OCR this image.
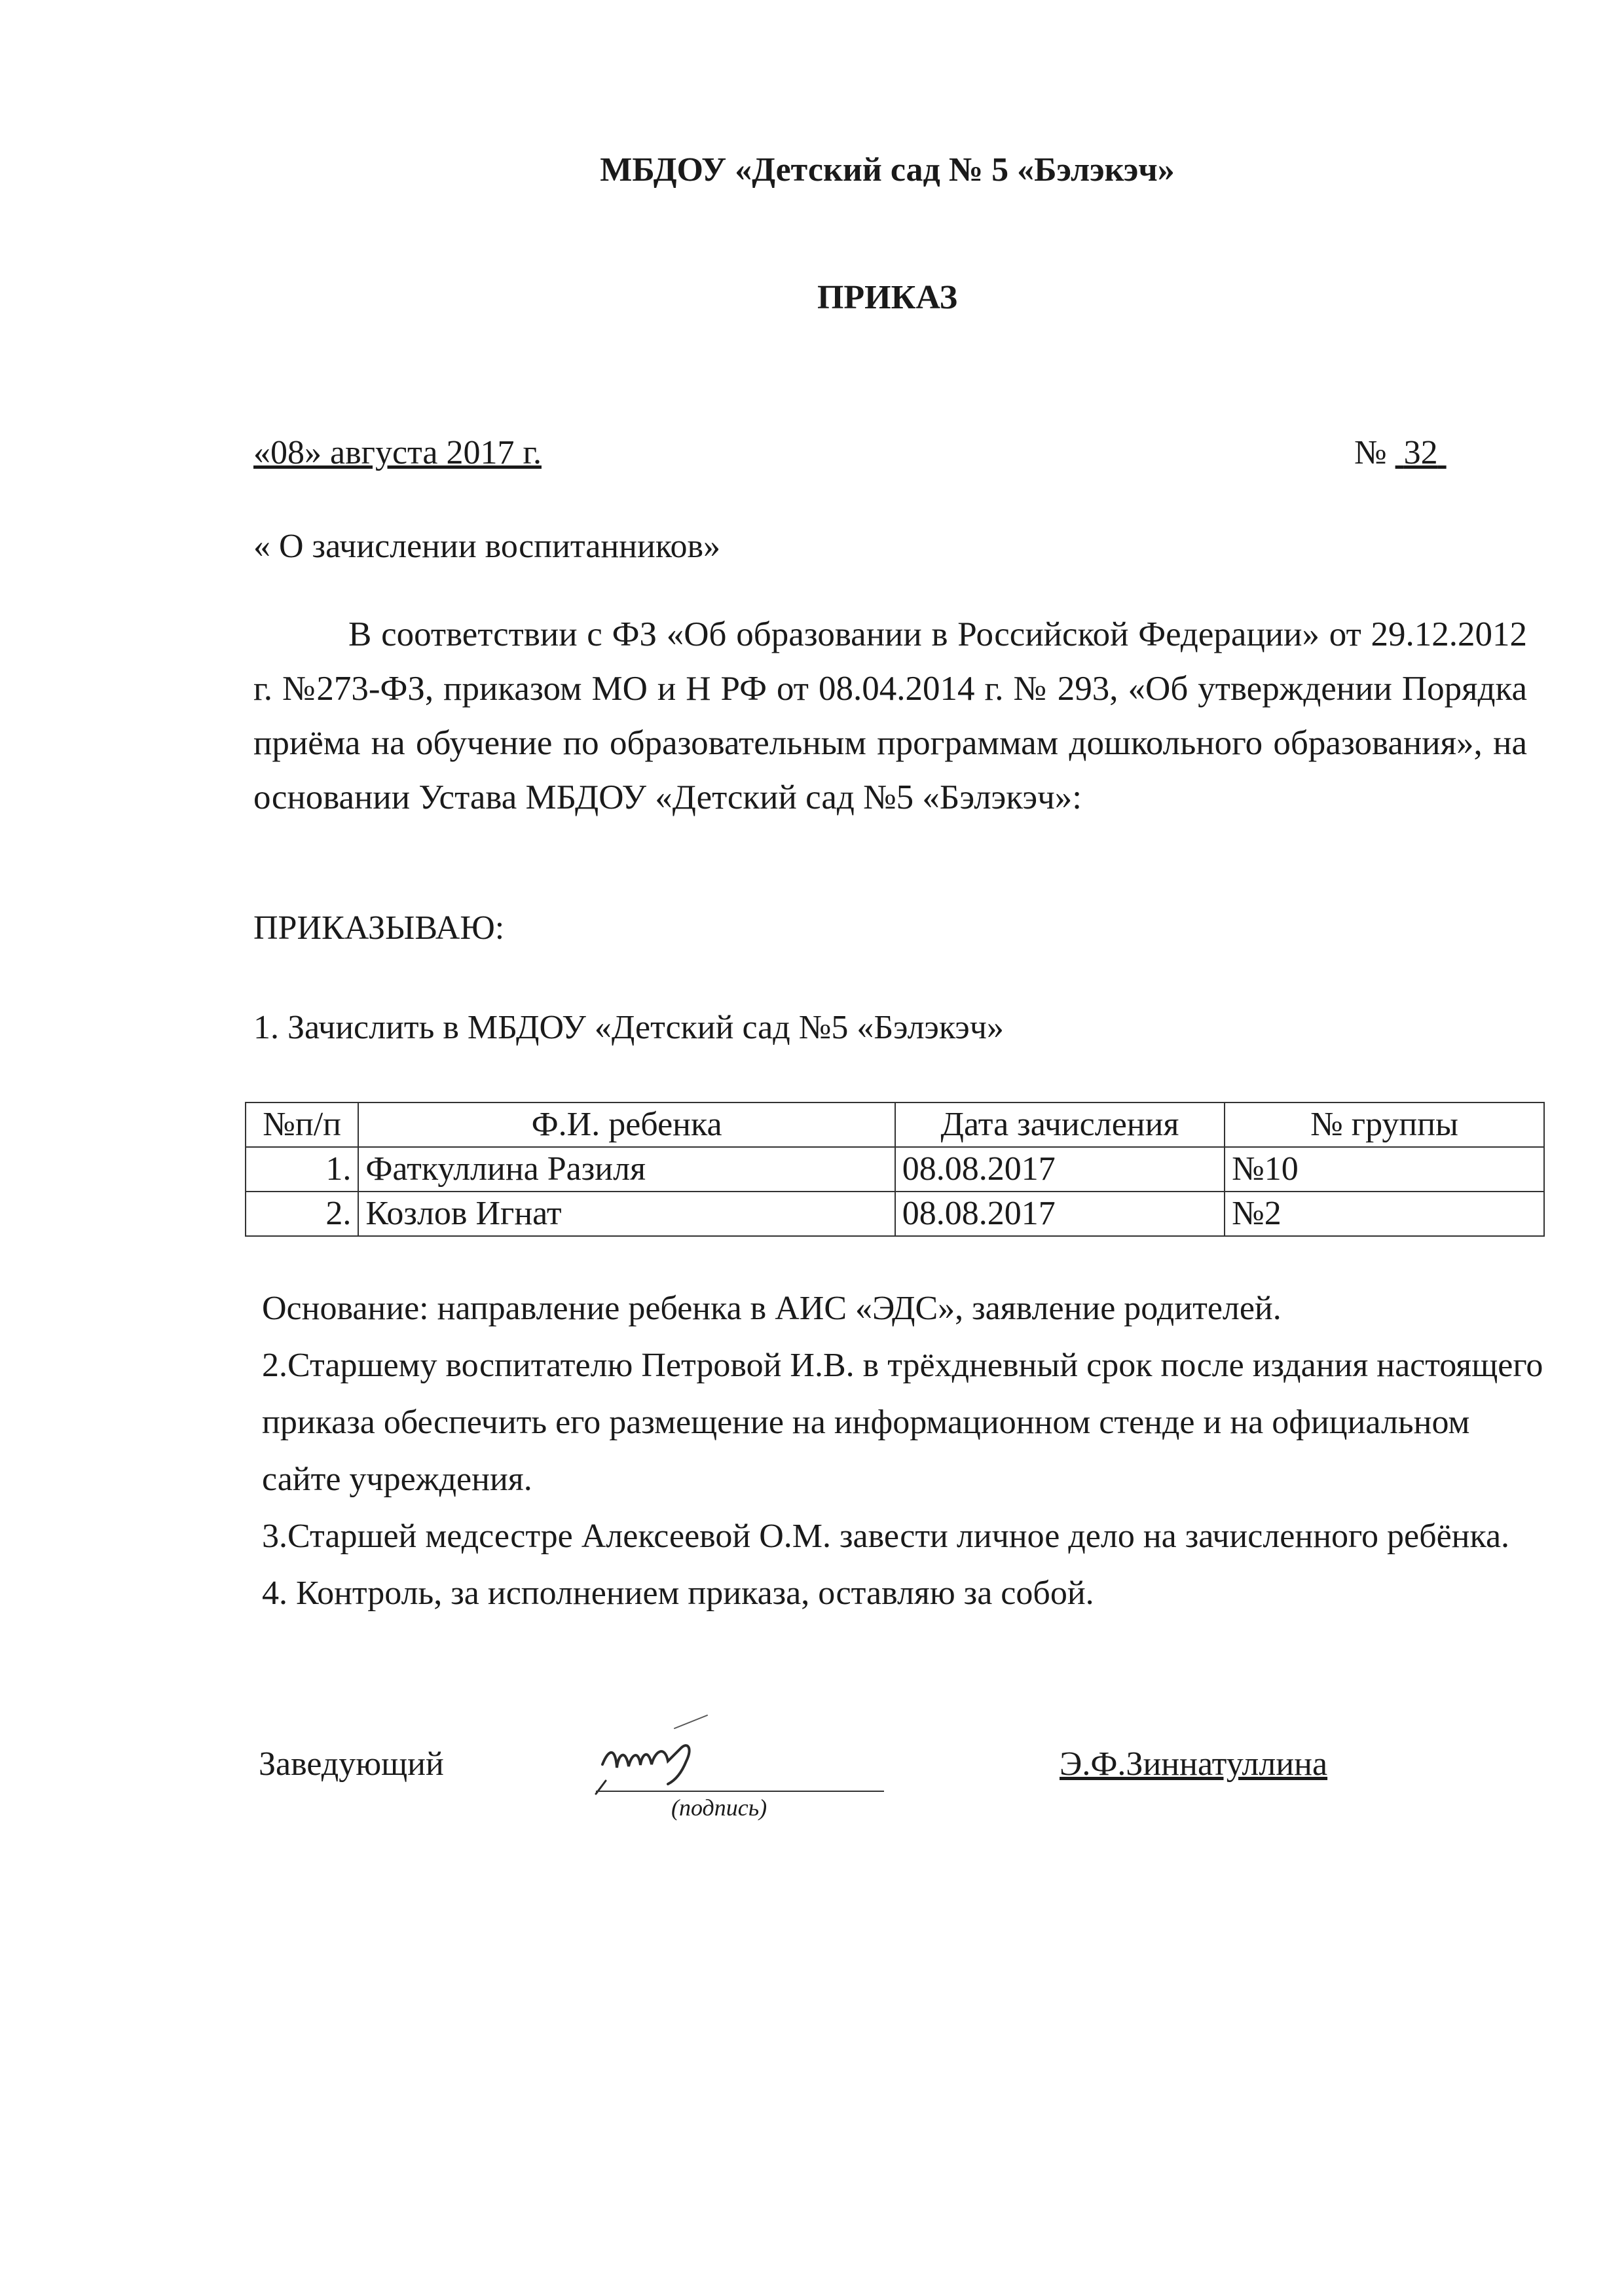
МБДОУ «Детский сад № 5 «Бэлэкэч»
ПРИКАЗ
«08» августа 2017 г.	№ 32
« О зачислении воспитанников»
В соответствии с ФЗ «Об образовании в Российской Федерации» от 29.12.2012 г. №273-ФЗ, приказом МО и Н РФ от 08.04.2014 г. № 293, «Об утверждении Порядка приёма на обучение по образовательным программам дошкольного образования», на основании Устава МБДОУ «Детский сад №5 «Бэлэкэч»:
ПРИКАЗЫВАЮ:
1. Зачислить в МБДОУ «Детский сад №5 «Бэлэкэч»
№п/п	Ф.И. ребенка	Дата зачисления	№ группы
1.	Фаткуллина Разиля	08.08.2017	№10
2.	Козлов Игнат	08.08.2017	№2

Основание: направление ребенка в АИС «ЭДС», заявление родителей.

2.Старшему воспитателю Петровой И.В. в трёхдневный срок после издания настоящего приказа обеспечить его размещение на информационном стенде и на официальном сайте учреждения.

3.Старшей медсестре Алексеевой О.М. завести личное дело на зачисленного ребёнка.

4. Контроль, за исполнением приказа, оставляю за собой.

Заведующий
(подпись)
Э.Ф.Зиннатуллина
